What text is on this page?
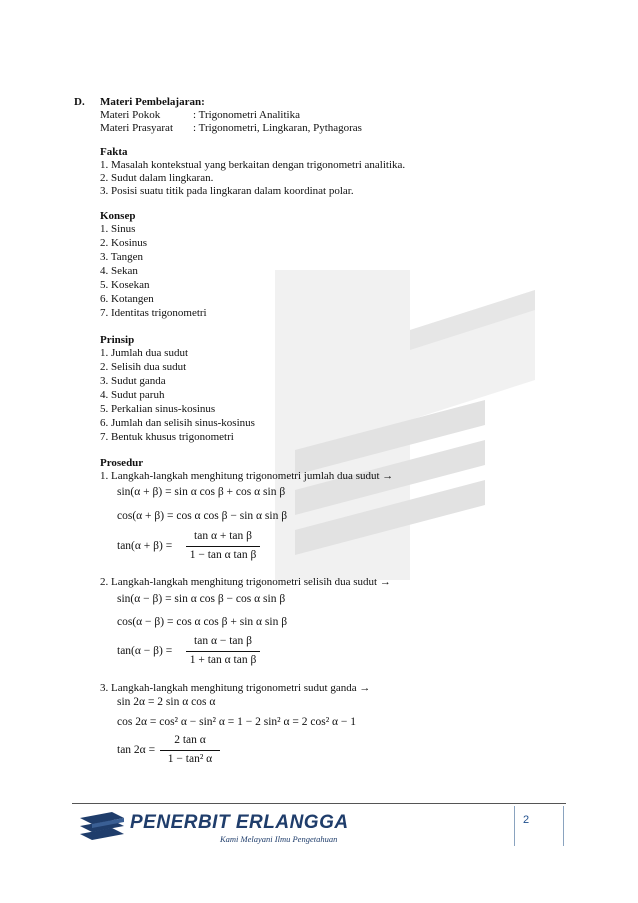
D. Materi Pembelajaran:
Materi Pokok	: Trigonometri Analitika
Materi Prasyarat : Trigonometri, Lingkaran, Pythagoras
Fakta
1. Masalah kontekstual yang berkaitan dengan trigonometri analitika.
2. Sudut dalam lingkaran.
3. Posisi suatu titik pada lingkaran dalam koordinat polar.
Konsep
1. Sinus
2. Kosinus
3. Tangen
4. Sekan
5. Kosekan
6. Kotangen
7. Identitas trigonometri
Prinsip
1. Jumlah dua sudut
2. Selisih dua sudut
3. Sudut ganda
4. Sudut paruh
5. Perkalian sinus-kosinus
6. Jumlah dan selisih sinus-kosinus
7. Bentuk khusus trigonometri
Prosedur
1. Langkah-langkah menghitung trigonometri jumlah dua sudut →
sin(α + β) = sin α cos β + cos α sin β
cos(α + β) = cos α cos β − sin α sin β
tan(α + β) =
tan α + tan β
1 − tan α tan β
2. Langkah-langkah menghitung trigonometri selisih dua sudut →
sin(α − β) = sin α cos β − cos α sin β
cos(α − β) = cos α cos β + sin α sin β
tan(α − β) =
tan α − tan β
1 + tan α tan β
3. Langkah-langkah menghitung trigonometri sudut ganda →
sin 2α = 2 sin α cos α
cos 2α = cos² α − sin² α = 1 − 2 sin² α = 2 cos² α − 1
tan 2α =
2 tan α
1 − tan² α
PENERBIT ERLANGGA
Kami Melayani Ilmu Pengetahuan
2
